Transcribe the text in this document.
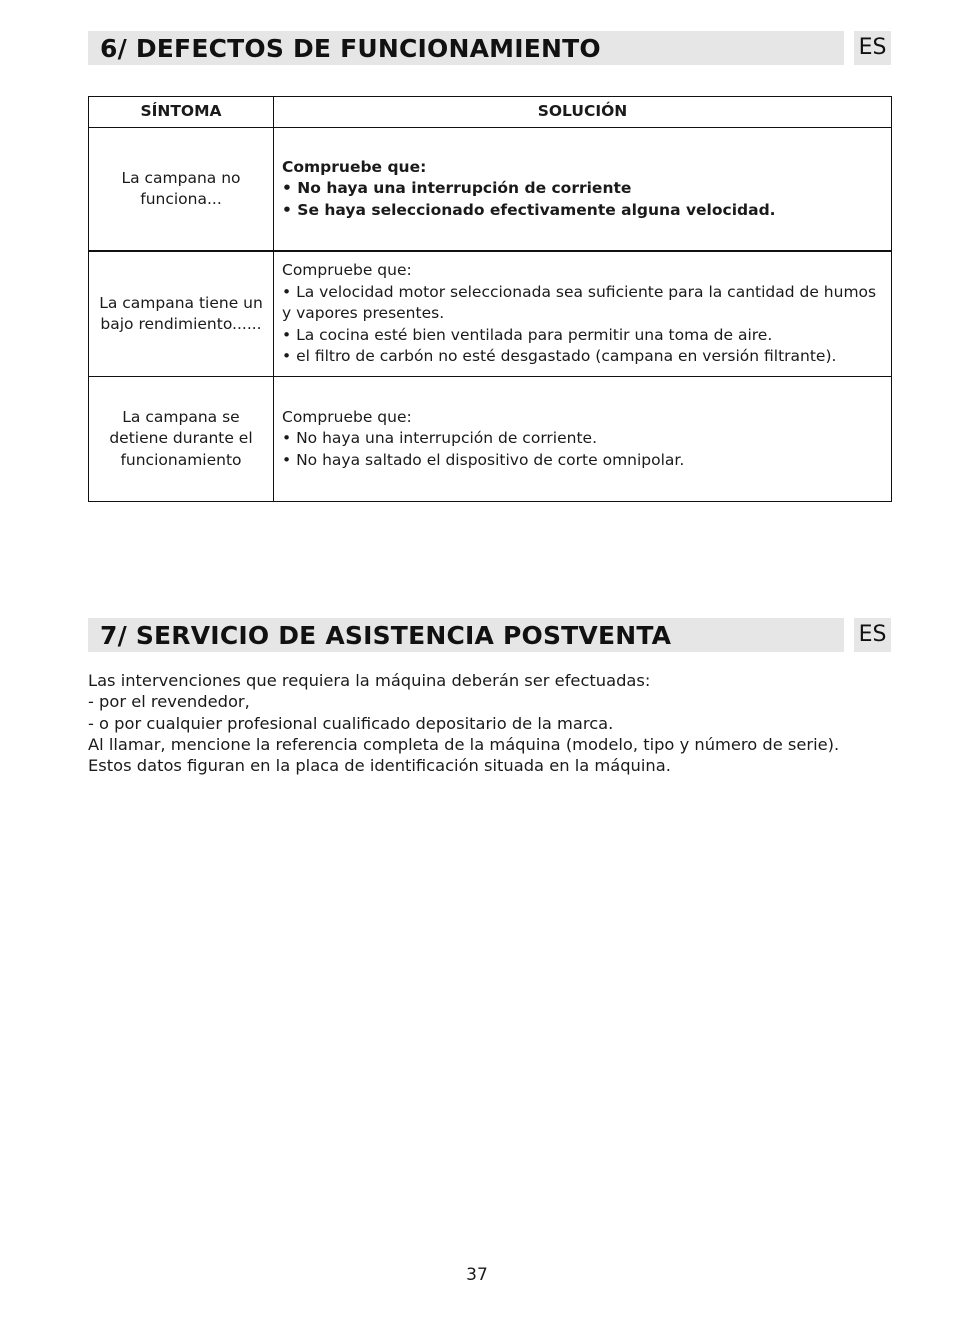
6/ DEFECTOS DE FUNCIONAMIENTO	ES
SÍNTOMA	SOLUCIÓN
La campana no funciona...	Compruebe que:
• No haya una interrupción de corriente
• Se haya seleccionado efectivamente alguna velocidad.

La campana tiene un bajo rendimiento......	Compruebe que:
• La velocidad motor seleccionada sea suficiente para la cantidad de humos y vapores presentes.
• La cocina esté bien ventilada para permitir una toma de aire.
• el filtro de carbón no esté desgastado (campana en versión filtrante).

La campana se detiene durante el funcionamiento	Compruebe que:
• No haya una interrupción de corriente.
• No haya saltado el dispositivo de corte omnipolar.
7/ SERVICIO DE ASISTENCIA POSTVENTA	ES
Las intervenciones que requiera la máquina deberán ser efectuadas:
- por el revendedor,
- o por cualquier profesional cualificado depositario de la marca.
Al llamar, mencione la referencia completa de la máquina (modelo, tipo y número de serie).
Estos datos figuran en la placa de identificación situada en la máquina.
37
